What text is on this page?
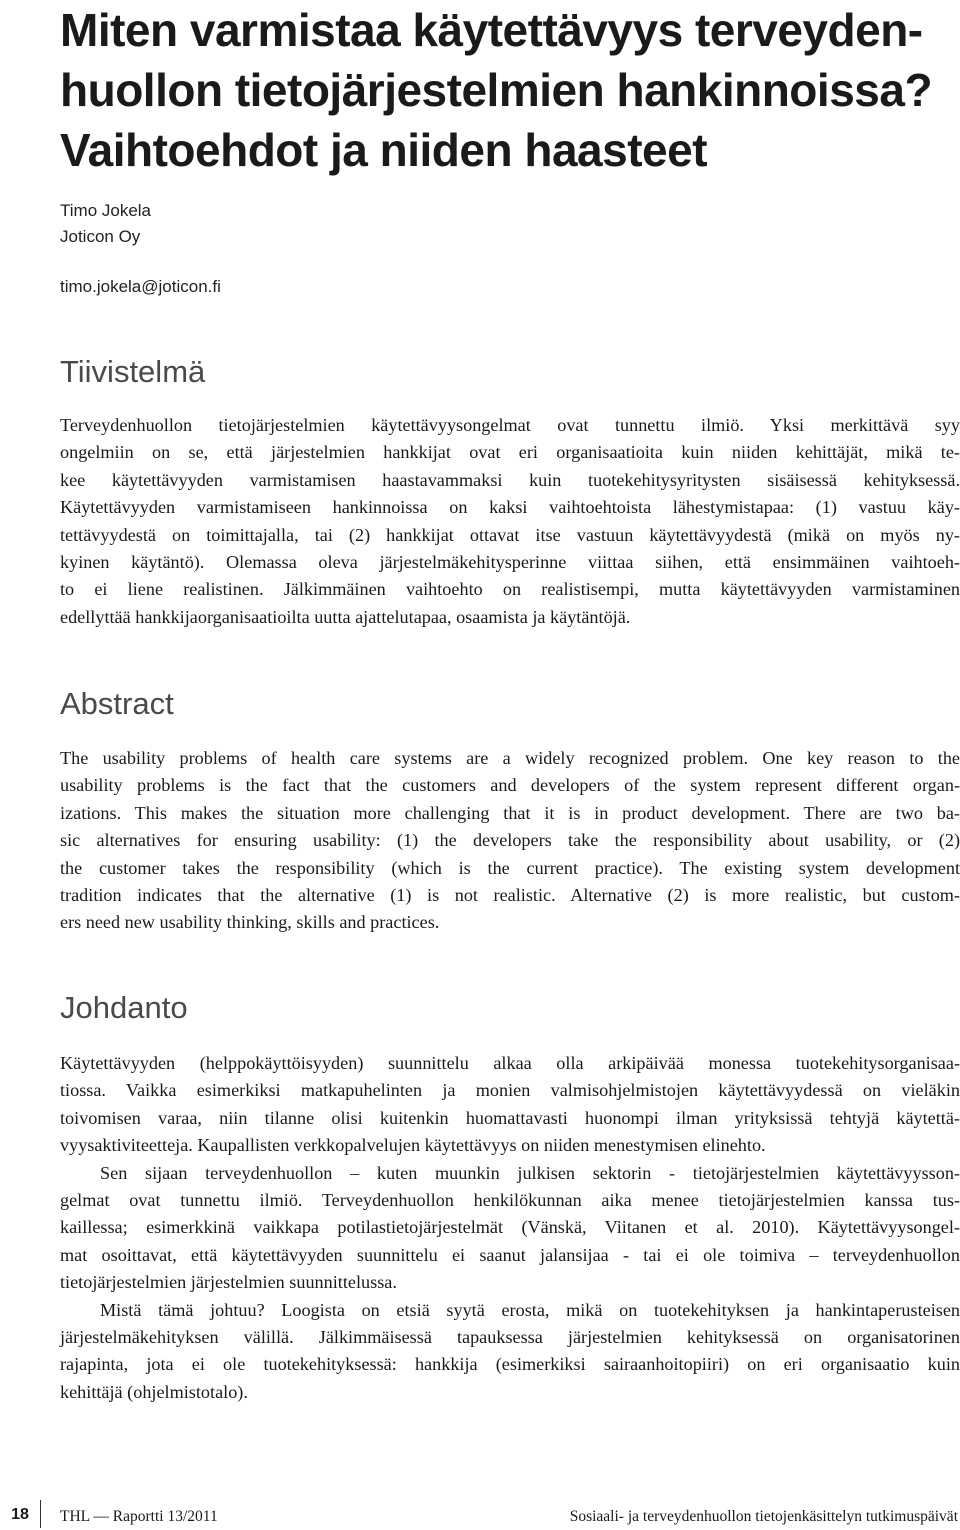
Miten varmistaa käytettävyys terveyden-
huollon tietojärjestelmien hankinnoissa?
Vaihtoehdot ja niiden haasteet
Timo Jokela
Joticon Oy
timo.jokela@joticon.fi
Tiivistelmä
Terveydenhuollon tietojärjestelmien käytettävyysongelmat ovat tunnettu ilmiö. Yksi merkittävä syy
ongelmiin on se, että järjestelmien hankkijat ovat eri organisaatioita kuin niiden kehittäjät, mikä te-
kee käytettävyyden varmistamisen haastavammaksi kuin tuotekehitysyritysten sisäisessä kehityksessä.
Käytettävyyden varmistamiseen hankinnoissa on kaksi vaihtoehtoista lähestymistapaa: (1) vastuu käy-
tettävyydestä on toimittajalla, tai (2) hankkijat ottavat itse vastuun käytettävyydestä (mikä on myös ny-
kyinen käytäntö). Olemassa oleva järjestelmäkehitysperinne viittaa siihen, että ensimmäinen vaihtoeh-
to ei liene realistinen. Jälkimmäinen vaihtoehto on realistisempi, mutta käytettävyyden varmistaminen
edellyttää hankkijaorganisaatioilta uutta ajattelutapaa, osaamista ja käytäntöjä.
Abstract
The usability problems of health care systems are a widely recognized problem. One key reason to the
usability problems is the fact that the customers and developers of the system represent different organ-
izations. This makes the situation more challenging that it is in product development. There are two ba-
sic alternatives for ensuring usability: (1) the developers take the responsibility about usability, or (2)
the customer takes the responsibility (which is the current practice). The existing system development
tradition indicates that the alternative (1) is not realistic. Alternative (2) is more realistic, but custom-
ers need new usability thinking, skills and practices.
Johdanto
Käytettävyyden (helppokäyttöisyyden) suunnittelu alkaa olla arkipäivää monessa tuotekehitysorganisaa-
tiossa. Vaikka esimerkiksi matkapuhelinten ja monien valmisohjelmistojen käytettävyydessä on vieläkin
toivomisen varaa, niin tilanne olisi kuitenkin huomattavasti huonompi ilman yrityksissä tehtyjä käytettä-
vyysaktiviteetteja. Kaupallisten verkkopalvelujen käytettävyys on niiden menestymisen elinehto.
Sen sijaan terveydenhuollon – kuten muunkin julkisen sektorin - tietojärjestelmien käytettävyysson-
gelmat ovat tunnettu ilmiö. Terveydenhuollon henkilökunnan aika menee tietojärjestelmien kanssa tus-
kaillessa; esimerkkinä vaikkapa potilastietojärjestelmät (Vänskä, Viitanen et al. 2010). Käytettävyysongel-
mat osoittavat, että käytettävyyden suunnittelu ei saanut jalansijaa - tai ei ole toimiva – terveydenhuollon
tietojärjestelmien järjestelmien suunnittelussa.
Mistä tämä johtuu? Loogista on etsiä syytä erosta, mikä on tuotekehityksen ja hankintaperusteisen
järjestelmäkehityksen välillä. Jälkimmäisessä tapauksessa järjestelmien kehityksessä on organisatorinen
rajapinta, jota ei ole tuotekehityksessä: hankkija (esimerkiksi sairaanhoitopiiri) on eri organisaatio kuin
kehittäjä (ohjelmistotalo).
18	THL — Raportti 13/2011	Sosiaali- ja terveydenhuollon tietojenkäsittelyn tutkimuspäivät
